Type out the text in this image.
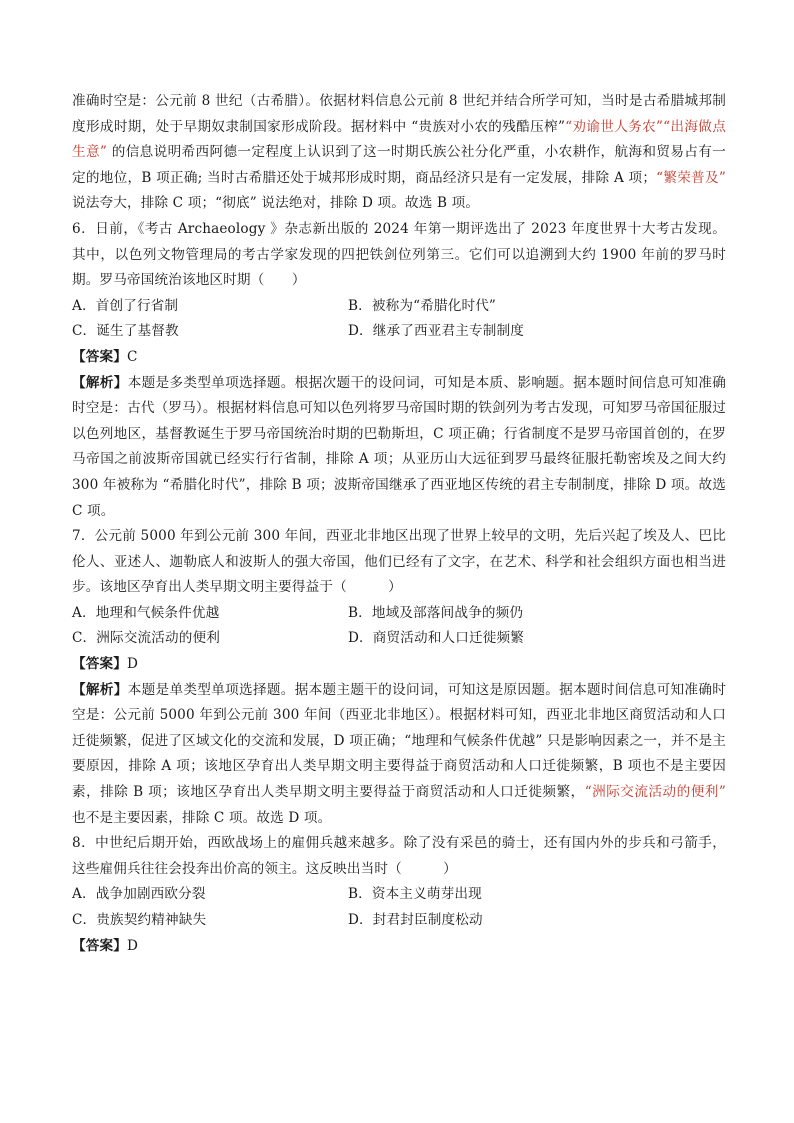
准确时空是：公元前 8 世纪（古希腊）。依据材料信息公元前 8 世纪并结合所学可知，当时是古希腊城邦制度形成时期，处于早期奴隶制国家形成阶段。据材料中 “贵族对小农的残酷压榨”“劝谕世人务农”“出海做点生意” 的信息说明希西阿德一定程度上认识到了这一时期氏族公社分化严重，小农耕作，航海和贸易占有一定的地位，B 项正确; 当时古希腊还处于城邦形成时期，商品经济只是有一定发展，排除 A 项；“繁荣普及” 说法夸大，排除 C 项；“彻底” 说法绝对，排除 D 项。故选 B 项。

6．日前，《考古 Archaeology 》杂志新出版的 2024 年第一期评选出了 2023 年度世界十大考古发现。其中，以色列文物管理局的考古学家发现的四把铁剑位列第三。它们可以追溯到大约 1900 年前的罗马时期。罗马帝国统治该地区时期（　　）

A．首创了行省制	B．被称为“希腊化时代”
C．诞生了基督教	D．继承了西亚君主专制制度

【答案】C

【解析】本题是多类型单项选择题。根据次题干的设问词，可知是本质、影响题。据本题时间信息可知准确时空是：古代（罗马）。根据材料信息可知以色列将罗马帝国时期的铁剑列为考古发现，可知罗马帝国征服过以色列地区，基督教诞生于罗马帝国统治时期的巴勒斯坦，C 项正确；行省制度不是罗马帝国首创的，在罗马帝国之前波斯帝国就已经实行行省制，排除 A 项；从亚历山大远征到罗马最终征服托勒密埃及之间大约 300 年被称为 “希腊化时代”，排除 B 项；波斯帝国继承了西亚地区传统的君主专制制度，排除 D 项。故选 C 项。

7．公元前 5000 年到公元前 300 年间，西亚北非地区出现了世界上较早的文明，先后兴起了埃及人、巴比伦人、亚述人、迦勒底人和波斯人的强大帝国，他们已经有了文字，在艺术、科学和社会组织方面也相当进步。该地区孕育出人类早期文明主要得益于（　　　）

A．地理和气候条件优越	B．地域及部落间战争的频仍
C．洲际交流活动的便利	D．商贸活动和人口迁徙频繁

【答案】D

【解析】本题是单类型单项选择题。据本题主题干的设问词，可知这是原因题。据本题时间信息可知准确时空是：公元前 5000 年到公元前 300 年间（西亚北非地区）。根据材料可知，西亚北非地区商贸活动和人口迁徙频繁，促进了区域文化的交流和发展，D 项正确；“地理和气候条件优越” 只是影响因素之一，并不是主要原因，排除 A 项；该地区孕育出人类早期文明主要得益于商贸活动和人口迁徙频繁，B 项也不是主要因素，排除 B 项；该地区孕育出人类早期文明主要得益于商贸活动和人口迁徙频繁，“洲际交流活动的便利” 也不是主要因素，排除 C 项。故选 D 项。

8．中世纪后期开始，西欧战场上的雇佣兵越来越多。除了没有采邑的骑士，还有国内外的步兵和弓箭手，这些雇佣兵往往会投奔出价高的领主。这反映出当时（　　　）

A．战争加剧西欧分裂	B．资本主义萌芽出现
C．贵族契约精神缺失	D．封君封臣制度松动

【答案】D
